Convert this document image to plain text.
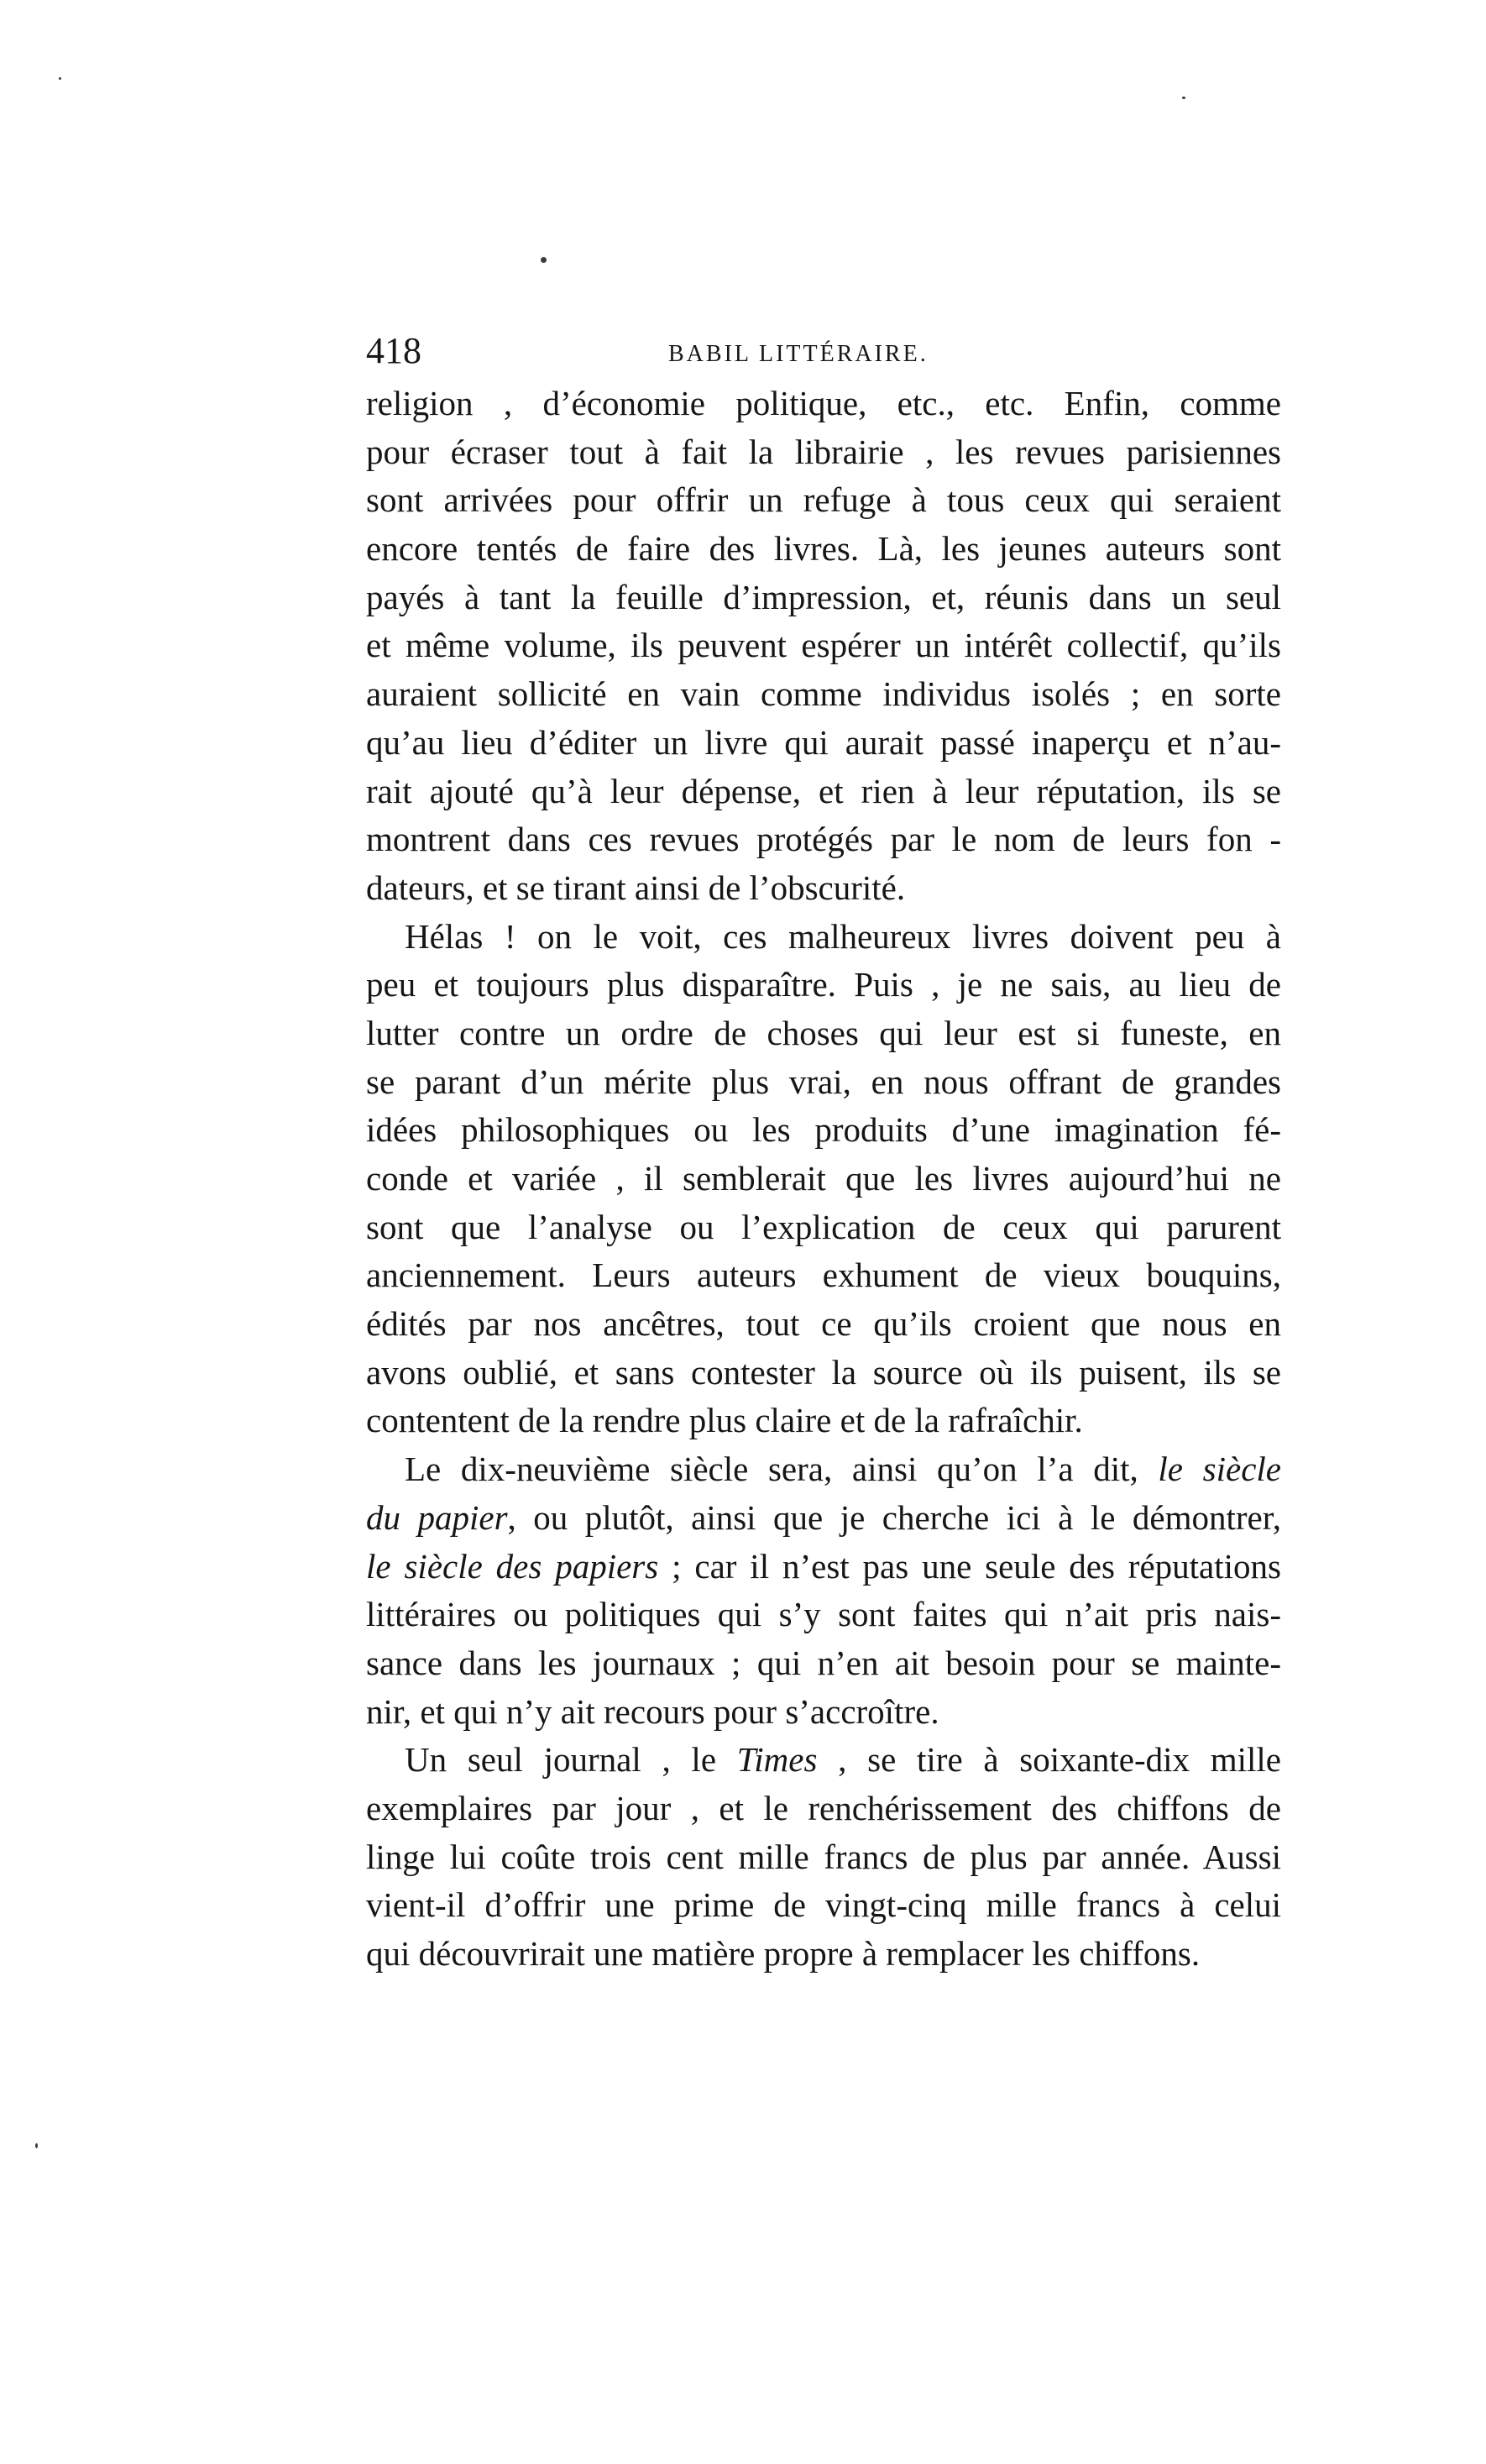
418	BABIL LITTÉRAIRE.
religion , d’économie politique, etc., etc. Enfin, comme
pour écraser tout à fait la librairie , les revues parisiennes
sont arrivées pour offrir un refuge à tous ceux qui seraient
encore tentés de faire des livres. Là, les jeunes auteurs sont
payés à tant la feuille d’impression, et, réunis dans un seul
et même volume, ils peuvent espérer un intérêt collectif, qu’ils
auraient sollicité en vain comme individus isolés ; en sorte
qu’au lieu d’éditer un livre qui aurait passé inaperçu et n’au-
rait ajouté qu’à leur dépense, et rien à leur réputation, ils se
montrent dans ces revues protégés par le nom de leurs fon -
dateurs, et se tirant ainsi de l’obscurité.
Hélas ! on le voit, ces malheureux livres doivent peu à
peu et toujours plus disparaître. Puis , je ne sais, au lieu de
lutter contre un ordre de choses qui leur est si funeste, en
se parant d’un mérite plus vrai, en nous offrant de grandes
idées philosophiques ou les produits d’une imagination fé-
conde et variée , il semblerait que les livres aujourd’hui ne
sont que l’analyse ou l’explication de ceux qui parurent
anciennement. Leurs auteurs exhument de vieux bouquins,
édités par nos ancêtres, tout ce qu’ils croient que nous en
avons oublié, et sans contester la source où ils puisent, ils se
contentent de la rendre plus claire et de la rafraîchir.
Le dix-neuvième siècle sera, ainsi qu’on l’a dit, le siècle
du papier, ou plutôt, ainsi que je cherche ici à le démontrer,
le siècle des papiers ; car il n’est pas une seule des réputations
littéraires ou politiques qui s’y sont faites qui n’ait pris nais-
sance dans les journaux ; qui n’en ait besoin pour se mainte-
nir, et qui n’y ait recours pour s’accroître.
Un seul journal , le Times , se tire à soixante-dix mille
exemplaires par jour , et le renchérissement des chiffons de
linge lui coûte trois cent mille francs de plus par année. Aussi
vient-il d’offrir une prime de vingt-cinq mille francs à celui
qui découvrirait une matière propre à remplacer les chiffons.
